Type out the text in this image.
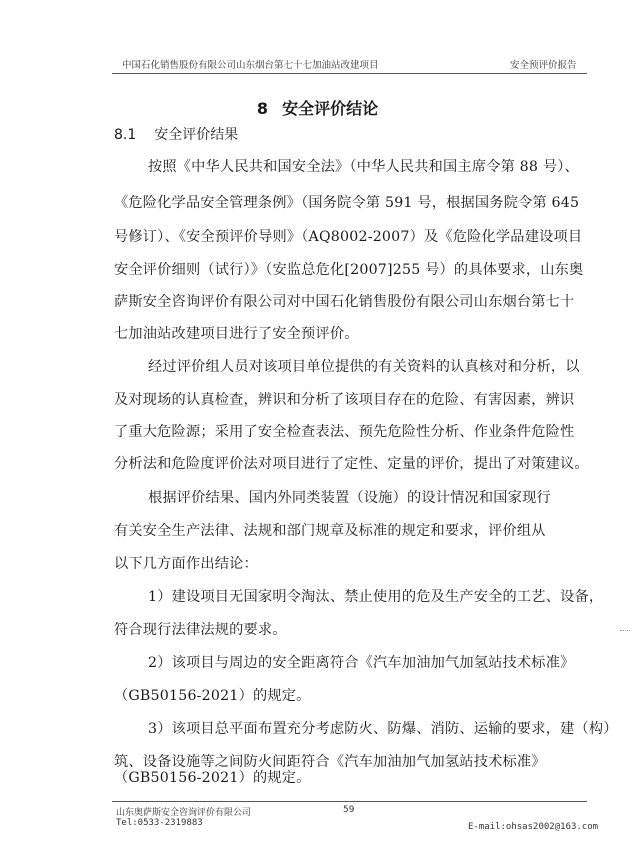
中国石化销售股份有限公司山东烟台第七十七加油站改建项目	安全预评价报告
8 安全评价结论
8.1 安全评价结果
按照《中华人民共和国安全法》（中华人民共和国主席令第 88 号）、
《危险化学品安全管理条例》（国务院令第 591 号，根据国务院令第 645
号修订）、《安全预评价导则》（AQ8002-2007）及《危险化学品建设项目
安全评价细则（试行）》（安监总危化[2007]255 号）的具体要求，山东奥
萨斯安全咨询评价有限公司对中国石化销售股份有限公司山东烟台第七十
七加油站改建项目进行了安全预评价。
经过评价组人员对该项目单位提供的有关资料的认真核对和分析，以
及对现场的认真检查，辨识和分析了该项目存在的危险、有害因素，辨识
了重大危险源；采用了安全检查表法、预先危险性分析、作业条件危险性
分析法和危险度评价法对项目进行了定性、定量的评价，提出了对策建议。
根据评价结果、国内外同类装置（设施）的设计情况和国家现行
有关安全生产法律、法规和部门规章及标准的规定和要求，评价组从
以下几方面作出结论：
1）建设项目无国家明令淘汰、禁止使用的危及生产安全的工艺、设备，
符合现行法律法规的要求。
2）该项目与周边的安全距离符合《汽车加油加气加氢站技术标准》
（GB50156-2021）的规定。
3）该项目总平面布置充分考虑防火、防爆、消防、运输的要求，建（构）
筑、设备设施等之间防火间距符合《汽车加油加气加氢站技术标准》
（GB50156-2021）的规定。
山东奥萨斯安全咨询评价有限公司
Tel:0533-2319883
59
E-mail:ohsas2002@163.com
